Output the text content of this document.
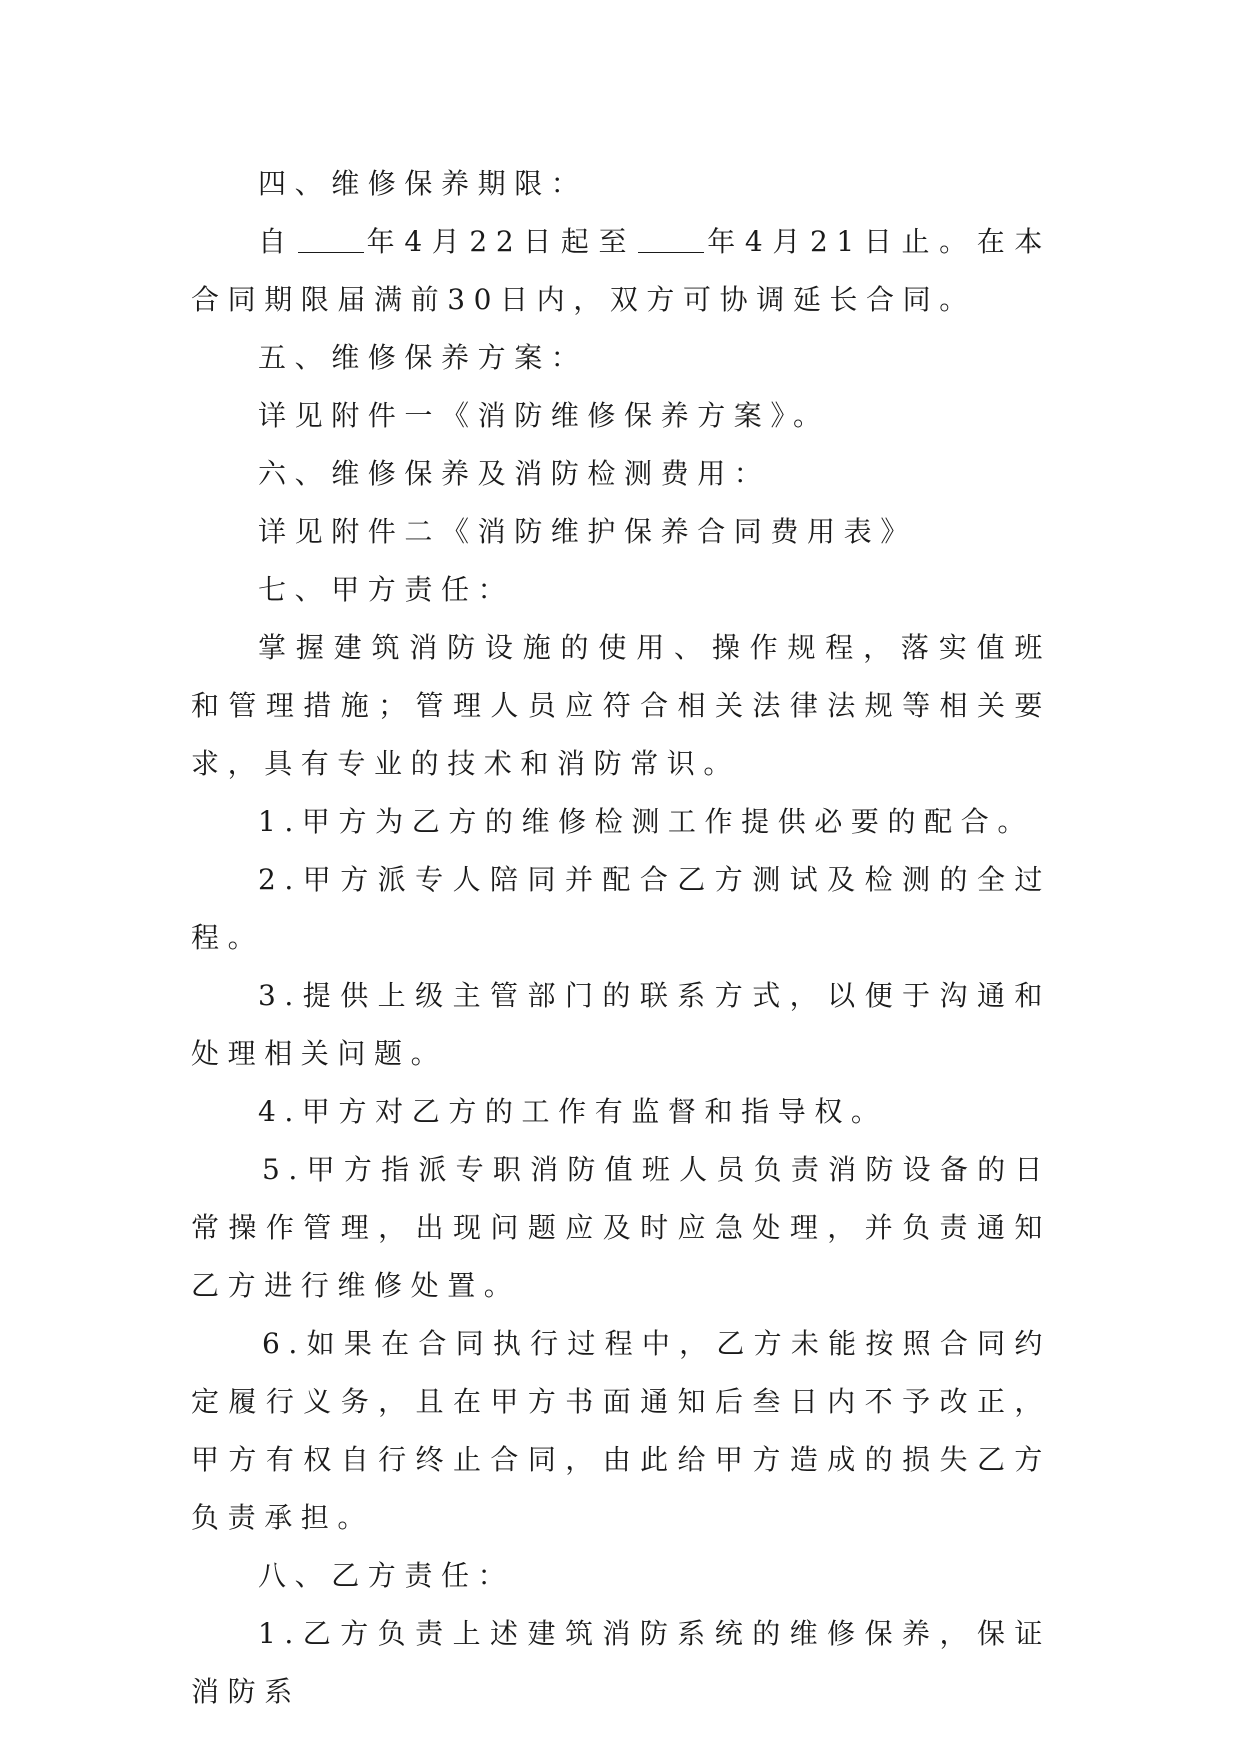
四、维修保养期限：

自	年4月22日起至	年4月21日止。在本合同期限届满前30日内，双方可协调延长合同。

五、维修保养方案：

详见附件一《消防维修保养方案》。

六、维修保养及消防检测费用：

详见附件二《消防维护保养合同费用表》

七、甲方责任：

掌握建筑消防设施的使用、操作规程，落实值班和管理措施；管理人员应符合相关法律法规等相关要求，具有专业的技术和消防常识。

1.甲方为乙方的维修检测工作提供必要的配合。

2.甲方派专人陪同并配合乙方测试及检测的全过程。

3.提供上级主管部门的联系方式，以便于沟通和处理相关问题。

4.甲方对乙方的工作有监督和指导权。

5.甲方指派专职消防值班人员负责消防设备的日常操作管理，出现问题应及时应急处理，并负责通知乙方进行维修处置。

6.如果在合同执行过程中，乙方未能按照合同约定履行义务，且在甲方书面通知后叁日内不予改正，甲方有权自行终止合同，由此给甲方造成的损失乙方负责承担。

八、乙方责任：

1.乙方负责上述建筑消防系统的维修保养，保证消防系
